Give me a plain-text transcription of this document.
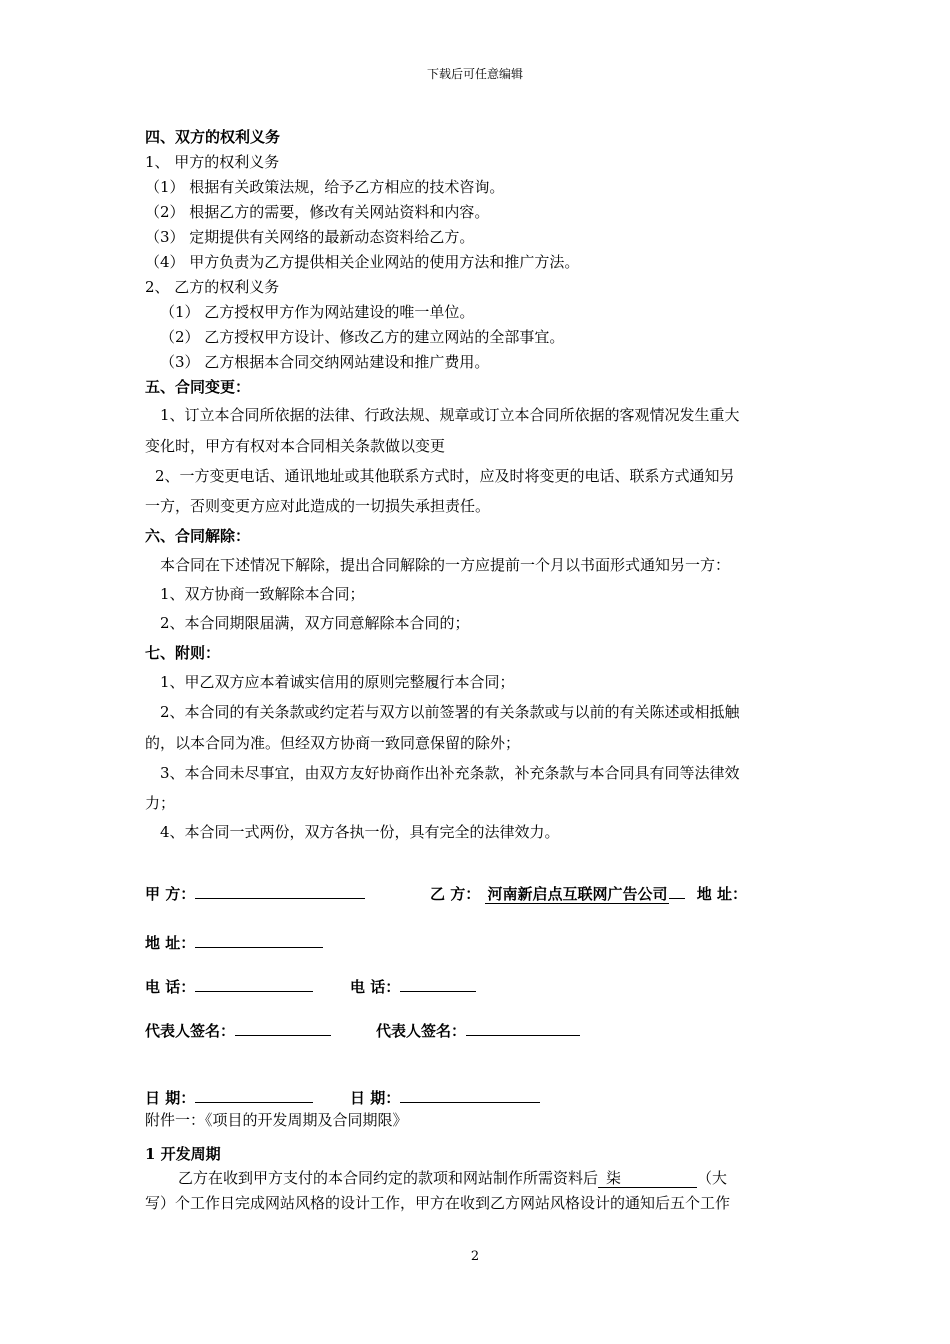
下载后可任意编辑
四、双方的权利义务
1、 甲方的权利义务
（1） 根据有关政策法规，给予乙方相应的技术咨询。
（2） 根据乙方的需要，修改有关网站资料和内容。
（3） 定期提供有关网络的最新动态资料给乙方。
（4） 甲方负责为乙方提供相关企业网站的使用方法和推广方法。
2、 乙方的权利义务
（1） 乙方授权甲方作为网站建设的唯一单位。
（2） 乙方授权甲方设计、修改乙方的建立网站的全部事宜。
（3） 乙方根据本合同交纳网站建设和推广费用。
五、合同变更：
1、订立本合同所依据的法律、行政法规、规章或订立本合同所依据的客观情况发生重大
变化时，甲方有权对本合同相关条款做以变更
2、一方变更电话、通讯地址或其他联系方式时，应及时将变更的电话、联系方式通知另
一方，否则变更方应对此造成的一切损失承担责任。
六、合同解除：
本合同在下述情况下解除，提出合同解除的一方应提前一个月以书面形式通知另一方：
1、双方协商一致解除本合同；
2、本合同期限届满，双方同意解除本合同的；
七、附则：
1、甲乙双方应本着诚实信用的原则完整履行本合同；
2、本合同的有关条款或约定若与双方以前签署的有关条款或与以前的有关陈述或相抵触
的，以本合同为准。但经双方协商一致同意保留的除外；
3、本合同未尽事宜，由双方友好协商作出补充条款，补充条款与本合同具有同等法律效
力；
4、本合同一式两份，双方各执一份，具有完全的法律效力。
甲 方：	乙 方： 河南新启点互联网广告公司 地 址：
地 址：
电 话：	电 话：
代表人签名：	代表人签名：
日 期：	日 期：
附件一：《项目的开发周期及合同期限》
1 开发周期
乙方在收到甲方支付的本合同约定的款项和网站制作所需资料后 柒	（大
写）个工作日完成网站风格的设计工作，甲方在收到乙方网站风格设计的通知后五个工作
2
